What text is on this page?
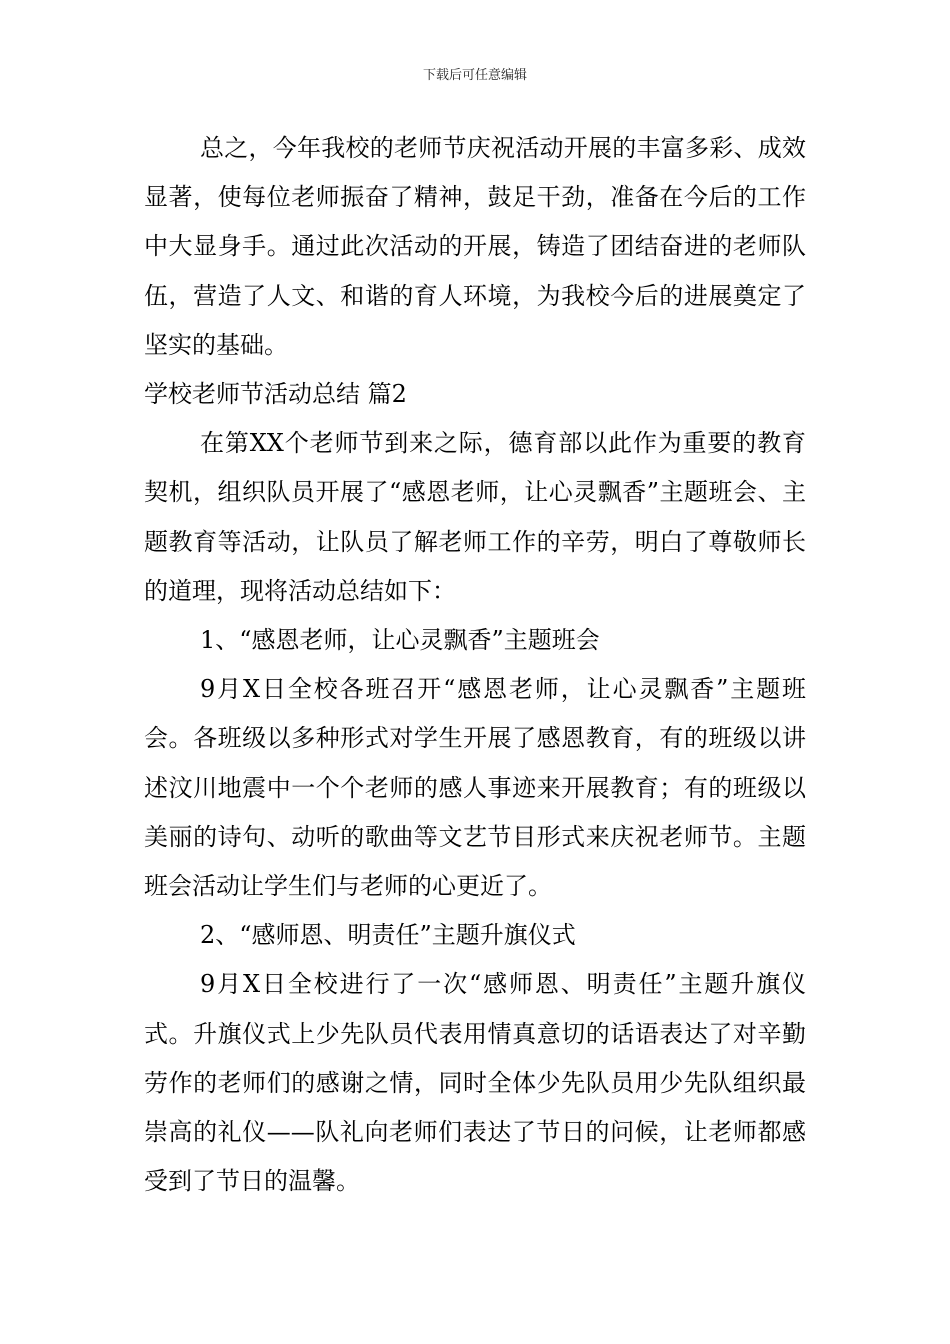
下载后可任意编辑

总之，今年我校的老师节庆祝活动开展的丰富多彩、成效显著，使每位老师振奋了精神，鼓足干劲，准备在今后的工作中大显身手。通过此次活动的开展，铸造了团结奋进的老师队伍，营造了人文、和谐的育人环境，为我校今后的进展奠定了坚实的基础。

学校老师节活动总结 篇2

在第XX个老师节到来之际，德育部以此作为重要的教育契机，组织队员开展了“感恩老师，让心灵飘香”主题班会、主题教育等活动，让队员了解老师工作的辛劳，明白了尊敬师长的道理，现将活动总结如下：

1、“感恩老师，让心灵飘香”主题班会

9月X日全校各班召开“感恩老师，让心灵飘香”主题班会。各班级以多种形式对学生开展了感恩教育，有的班级以讲述汶川地震中一个个老师的感人事迹来开展教育；有的班级以美丽的诗句、动听的歌曲等文艺节目形式来庆祝老师节。主题班会活动让学生们与老师的心更近了。

2、“感师恩、明责任”主题升旗仪式

9月X日全校进行了一次“感师恩、明责任”主题升旗仪式。升旗仪式上少先队员代表用情真意切的话语表达了对辛勤劳作的老师们的感谢之情，同时全体少先队员用少先队组织最崇高的礼仪——队礼向老师们表达了节日的问候，让老师都感受到了节日的温馨。
